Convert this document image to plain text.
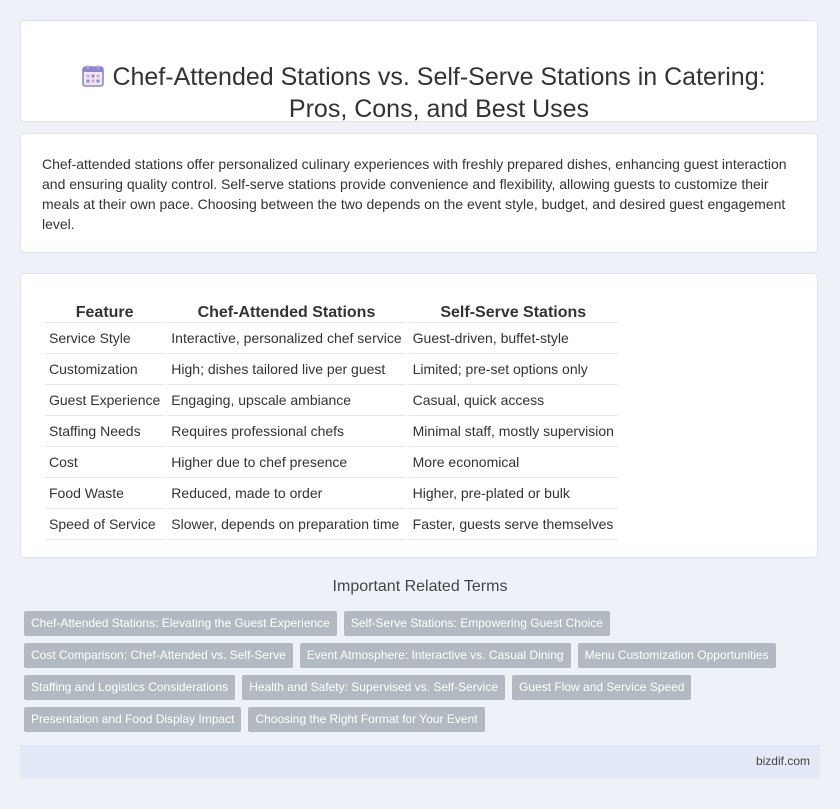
Chef-Attended Stations vs. Self-Serve Stations in Catering: Pros, Cons, and Best Uses

Chef-attended stations offer personalized culinary experiences with freshly prepared dishes, enhancing guest interaction and ensuring quality control. Self-serve stations provide convenience and flexibility, allowing guests to customize their meals at their own pace. Choosing between the two depends on the event style, budget, and desired guest engagement level.

Feature	Chef-Attended Stations	Self-Serve Stations
Service Style	Interactive, personalized chef service	Guest-driven, buffet-style
Customization	High; dishes tailored live per guest	Limited; pre-set options only
Guest Experience	Engaging, upscale ambiance	Casual, quick access
Staffing Needs	Requires professional chefs	Minimal staff, mostly supervision
Cost	Higher due to chef presence	More economical
Food Waste	Reduced, made to order	Higher, pre-plated or bulk
Speed of Service	Slower, depends on preparation time	Faster, guests serve themselves
Important Related Terms
Chef-Attended Stations: Elevating the Guest Experience	Self-Serve Stations: Empowering Guest Choice
Cost Comparison: Chef-Attended vs. Self-Serve	Event Atmosphere: Interactive vs. Casual Dining	Menu Customization Opportunities
Staffing and Logistics Considerations	Health and Safety: Supervised vs. Self-Service	Guest Flow and Service Speed
Presentation and Food Display Impact	Choosing the Right Format for Your Event
bizdif.com
